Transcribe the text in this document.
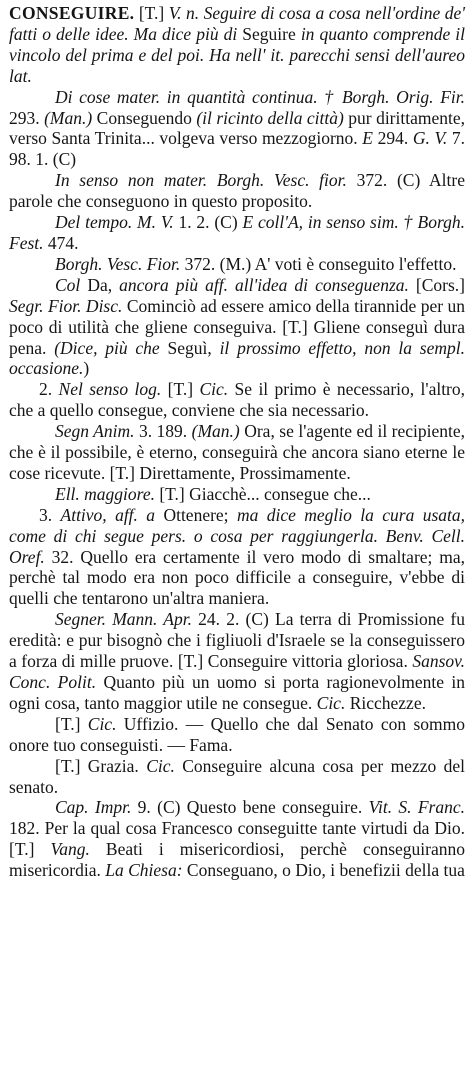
CONSEGUIRE. [T.] V. n. Seguire di cosa a cosa nell'ordine de' fatti o delle idee. Ma dice più di Seguire in quanto comprende il vincolo del prima e del poi. Ha nell' it. parecchi sensi dell'aureo lat.

Di cose mater. in quantità continua. † Borgh. Orig. Fir. 293. (Man.) Conseguendo (il ricinto della città) pur dirittamente, verso Santa Trinita... volgeva verso mezzogiorno. E 294. G. V. 7. 98. 1. (C)

In senso non mater. Borgh. Vesc. fior. 372. (C) Altre parole che conseguono in questo proposito.

Del tempo. M. V. 1. 2. (C) E coll'A, in senso sim. † Borgh. Fest. 474.

Borgh. Vesc. Fior. 372. (M.) A' voti è conseguito l'effetto.

Col Da, ancora più aff. all'idea di conseguenza. [Cors.] Segr. Fior. Disc. Cominciò ad essere amico della tirannide per un poco di utilità che gliene conseguiva. [T.] Gliene conseguì dura pena. (Dice, più che Seguì, il prossimo effetto, non la sempl. occasione.)

2. Nel senso log. [T.] Cic. Se il primo è necessario, l'altro, che a quello consegue, conviene che sia necessario.

Segn Anim. 3. 189. (Man.) Ora, se l'agente ed il recipiente, che è il possibile, è eterno, conseguirà che ancora siano eterne le cose ricevute. [T.] Direttamente, Prossimamente.

Ell. maggiore. [T.] Giacchè... consegue che...

3. Attivo, aff. a Ottenere; ma dice meglio la cura usata, come di chi segue pers. o cosa per raggiungerla. Benv. Cell. Oref. 32. Quello era certamente il vero modo di smaltare; ma, perchè tal modo era non poco difficile a conseguire, v'ebbe di quelli che tentarono un'altra maniera.

Segner. Mann. Apr. 24. 2. (C) La terra di Promissione fu eredità: e pur bisognò che i figliuoli d'Israele se la conseguissero a forza di mille pruove. [T.] Conseguire vittoria gloriosa. Sansov. Conc. Polit. Quanto più un uomo si porta ragionevolmente in ogni cosa, tanto maggior utile ne consegue. Cic. Ricchezze.

[T.] Cic. Uffizio. — Quello che dal Senato con sommo onore tuo conseguisti. — Fama.

[T.] Grazia. Cic. Conseguire alcuna cosa per mezzo del senato.

Cap. Impr. 9. (C) Questo bene conseguire. Vit. S. Franc. 182. Per la qual cosa Francesco conseguitte tante virtudi da Dio. [T.] Vang. Beati i misericordiosi, perchè conseguiranno misericordia. La Chiesa: Conseguano, o Dio, i benefizii della tua
